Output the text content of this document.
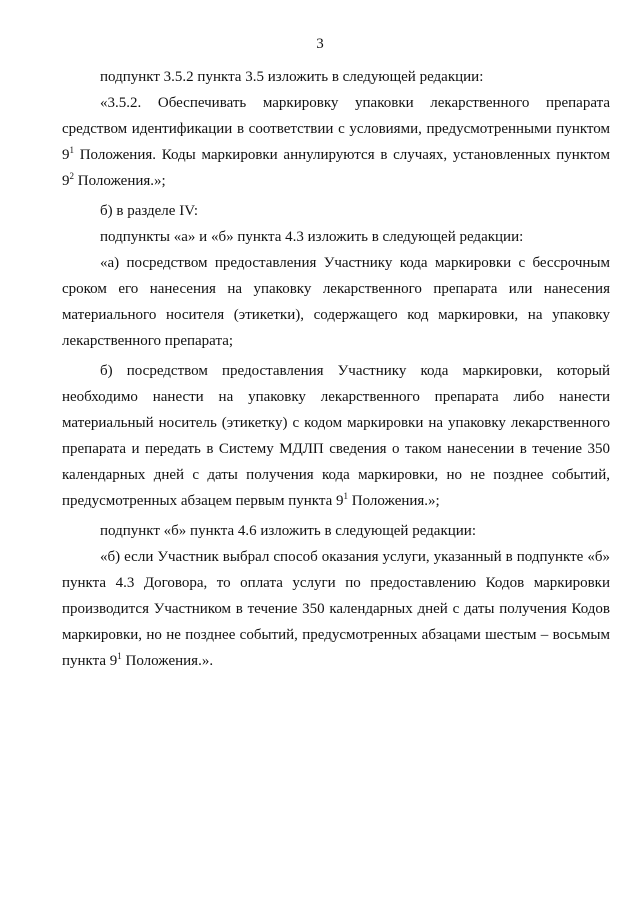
3

подпункт 3.5.2 пункта 3.5 изложить в следующей редакции:

«3.5.2. Обеспечивать маркировку упаковки лекарственного препарата средством идентификации в соответствии с условиями, предусмотренными пунктом $9^1$ Положения. Коды маркировки аннулируются в случаях, установленных пунктом $9^2$ Положения.»;

б) в разделе IV:

подпункты «а» и «б» пункта 4.3 изложить в следующей редакции:

«а) посредством предоставления Участнику кода маркировки с бессрочным сроком его нанесения на упаковку лекарственного препарата или нанесения материального носителя (этикетки), содержащего код маркировки, на упаковку лекарственного препарата;

б) посредством предоставления Участнику кода маркировки, который необходимо нанести на упаковку лекарственного препарата либо нанести материальный носитель (этикетку) с кодом маркировки на упаковку лекарственного препарата и передать в Систему МДЛП сведения о таком нанесении в течение 350 календарных дней с даты получения кода маркировки, но не позднее событий, предусмотренных абзацем первым пункта $9^1$ Положения.»;

подпункт «б» пункта 4.6 изложить в следующей редакции:

«б) если Участник выбрал способ оказания услуги, указанный в подпункте «б» пункта 4.3 Договора, то оплата услуги по предоставлению Кодов маркировки производится Участником в течение 350 календарных дней с даты получения Кодов маркировки, но не позднее событий, предусмотренных абзацами шестым – восьмым пункта $9^1$ Положения.».
